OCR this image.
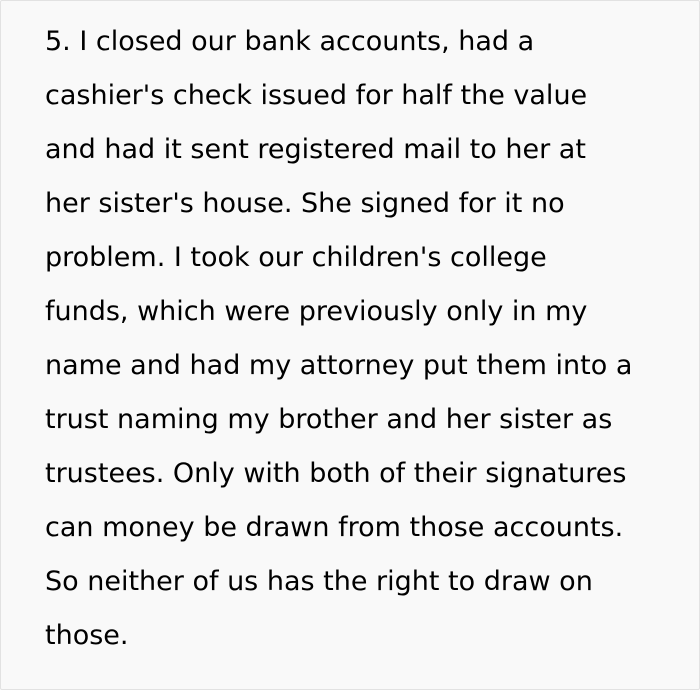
5. I closed our bank accounts, had a
cashier's check issued for half the value
and had it sent registered mail to her at
her sister's house. She signed for it no
problem. I took our children's college
funds, which were previously only in my
name and had my attorney put them into a
trust naming my brother and her sister as
trustees. Only with both of their signatures
can money be drawn from those accounts.
So neither of us has the right to draw on
those.
